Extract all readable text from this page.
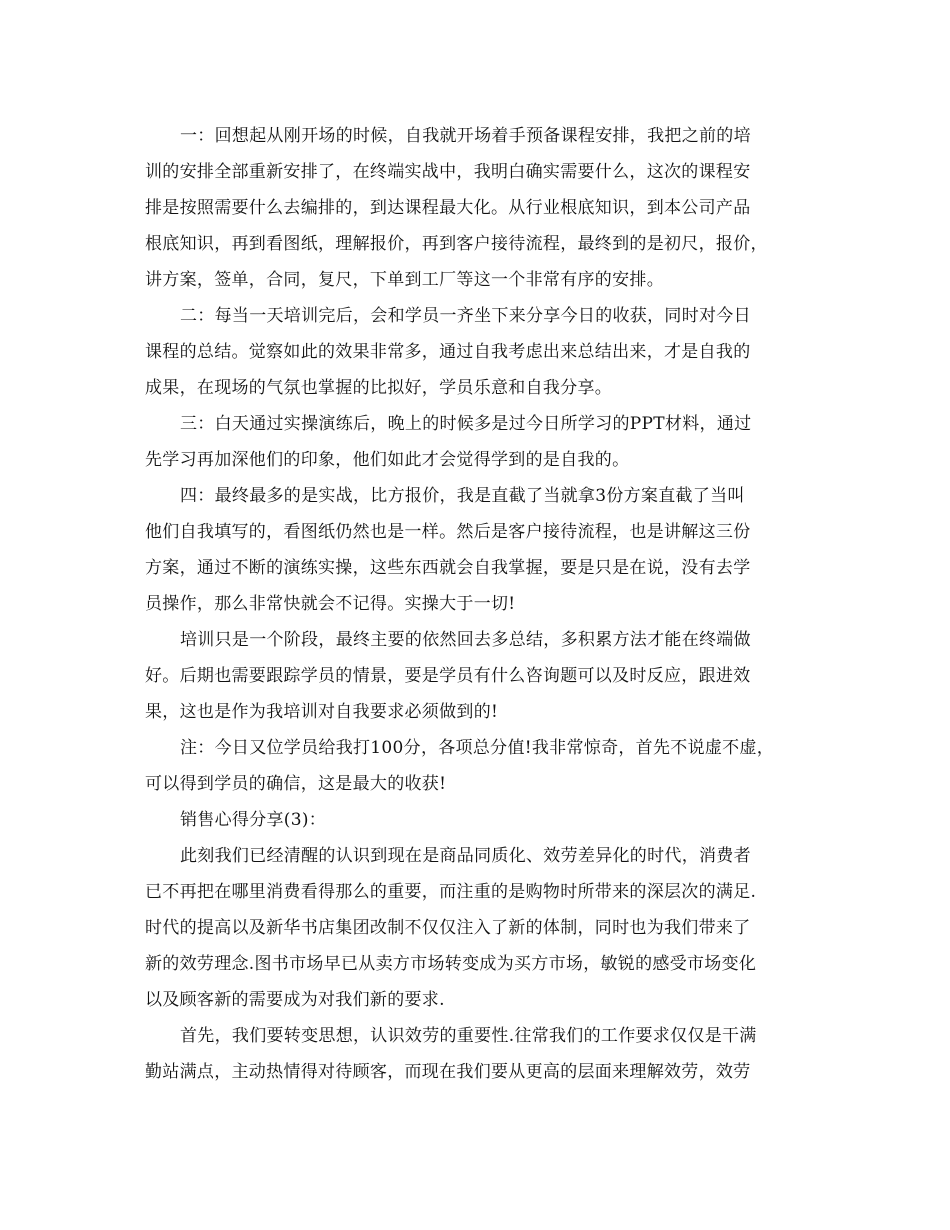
一：回想起从刚开场的时候，自我就开场着手预备课程安排，我把之前的培
训的安排全部重新安排了，在终端实战中，我明白确实需要什么，这次的课程安
排是按照需要什么去编排的，到达课程最大化。从行业根底知识，到本公司产品
根底知识，再到看图纸，理解报价，再到客户接待流程，最终到的是初尺，报价，
讲方案，签单，合同，复尺，下单到工厂等这一个非常有序的安排。
二：每当一天培训完后，会和学员一齐坐下来分享今日的收获，同时对今日
课程的总结。觉察如此的效果非常多，通过自我考虑出来总结出来，才是自我的
成果，在现场的气氛也掌握的比拟好，学员乐意和自我分享。
三：白天通过实操演练后，晚上的时候多是过今日所学习的PPT材料，通过
先学习再加深他们的印象，他们如此才会觉得学到的是自我的。
四：最终最多的是实战，比方报价，我是直截了当就拿3份方案直截了当叫
他们自我填写的，看图纸仍然也是一样。然后是客户接待流程，也是讲解这三份
方案，通过不断的演练实操，这些东西就会自我掌握，要是只是在说，没有去学
员操作，那么非常快就会不记得。实操大于一切!
培训只是一个阶段，最终主要的依然回去多总结，多积累方法才能在终端做
好。后期也需要跟踪学员的情景，要是学员有什么咨询题可以及时反应，跟进效
果，这也是作为我培训对自我要求必须做到的!
注：今日又位学员给我打100分，各项总分值!我非常惊奇，首先不说虚不虚，
可以得到学员的确信，这是最大的收获!
销售心得分享(3)：
此刻我们已经清醒的认识到现在是商品同质化、效劳差异化的时代，消费者
已不再把在哪里消费看得那么的重要，而注重的是购物时所带来的深层次的满足.
时代的提高以及新华书店集团改制不仅仅注入了新的体制，同时也为我们带来了
新的效劳理念.图书市场早已从卖方市场转变成为买方市场，敏锐的感受市场变化
以及顾客新的需要成为对我们新的要求.
首先，我们要转变思想，认识效劳的重要性.往常我们的工作要求仅仅是干满
勤站满点，主动热情得对待顾客，而现在我们要从更高的层面来理解效劳，效劳
